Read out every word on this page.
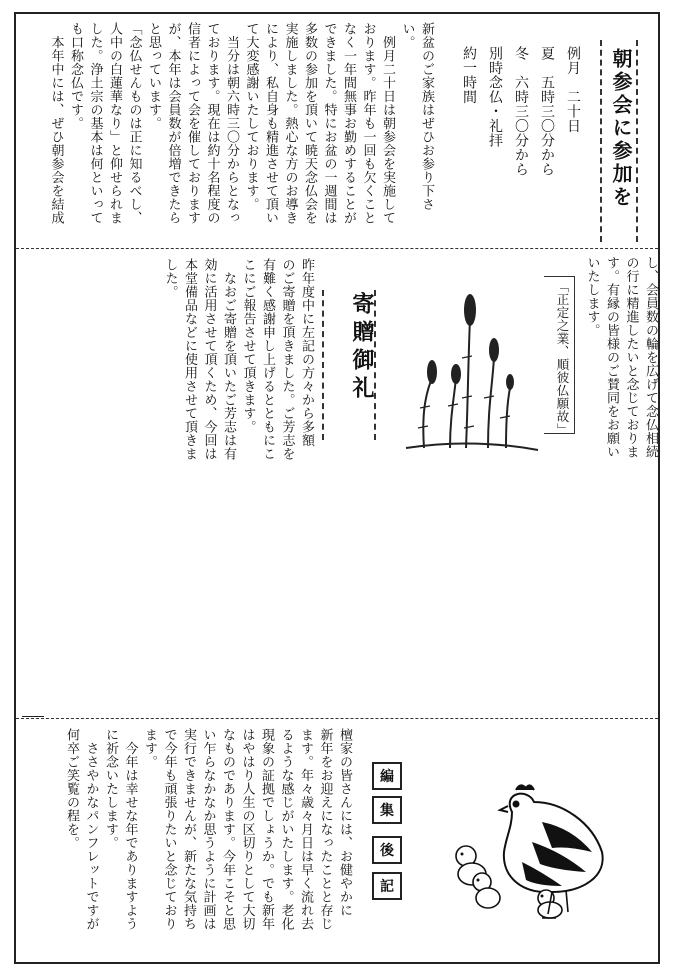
朝参会に参加を
例月　二十日
夏　五時三〇分から
冬　六時三〇分から
別時念仏・礼拝
約一時間
新盆のご家族はぜひお参り下さ
い。
　例月二十日は朝参会を実施して
おります。昨年も一回も欠くこと
なく一年間無事お勤めすることが
できました。特にお盆の一週間は
多数の参加を頂いて暁天念仏会を
実施しました。熱心な方のお導き
により、私自身も精進させて頂い
て大変感謝いたしております。
　当分は朝六時三〇分からとなっ
ております。現在は約十名程度の
信者によって会を催しております
が、本年は会員数が倍増できたら
と思っています。
「念仏せんものは正に知るべし、
人中の白蓮華なり」と仰せられま
した。浄土宗の基本は何といって
も口称念仏です。
　本年中には、ぜひ朝参会を結成
し、会員数の輪を広げて念仏相続
の行に精進したいと念じておりま
す。有縁の皆様のご賛同をお願い
いたします。
「正定之業、順彼仏願故」
寄贈御礼
昨年度中に左記の方々から多額
のご寄贈を頂きました。ご芳志を
有難く感謝申し上げるとともにこ
こにご報告させて頂きます。
　なおご寄贈を頂いたご芳志は有
効に活用させて頂くため、今回は
本堂備品などに使用させて頂きま
した。
編
集
後
記
檀家の皆さんには、お健やかに
新年をお迎えになったことと存じ
ます。年々歳々月日は早く流れ去
るような感じがいたします。老化
現象の証拠でしょうか。でも新年
はやはり人生の区切りとして大切
なものであります。今年こそと思
い乍らなかなか思うように計画は
実行できませんが、新たな気持ち
で今年も頑張りたいと念じており
ます。
　今年は幸せな年でありますよう
に祈念いたします。
　ささやかなパンフレットですが
何卒ご笑覧の程を。
